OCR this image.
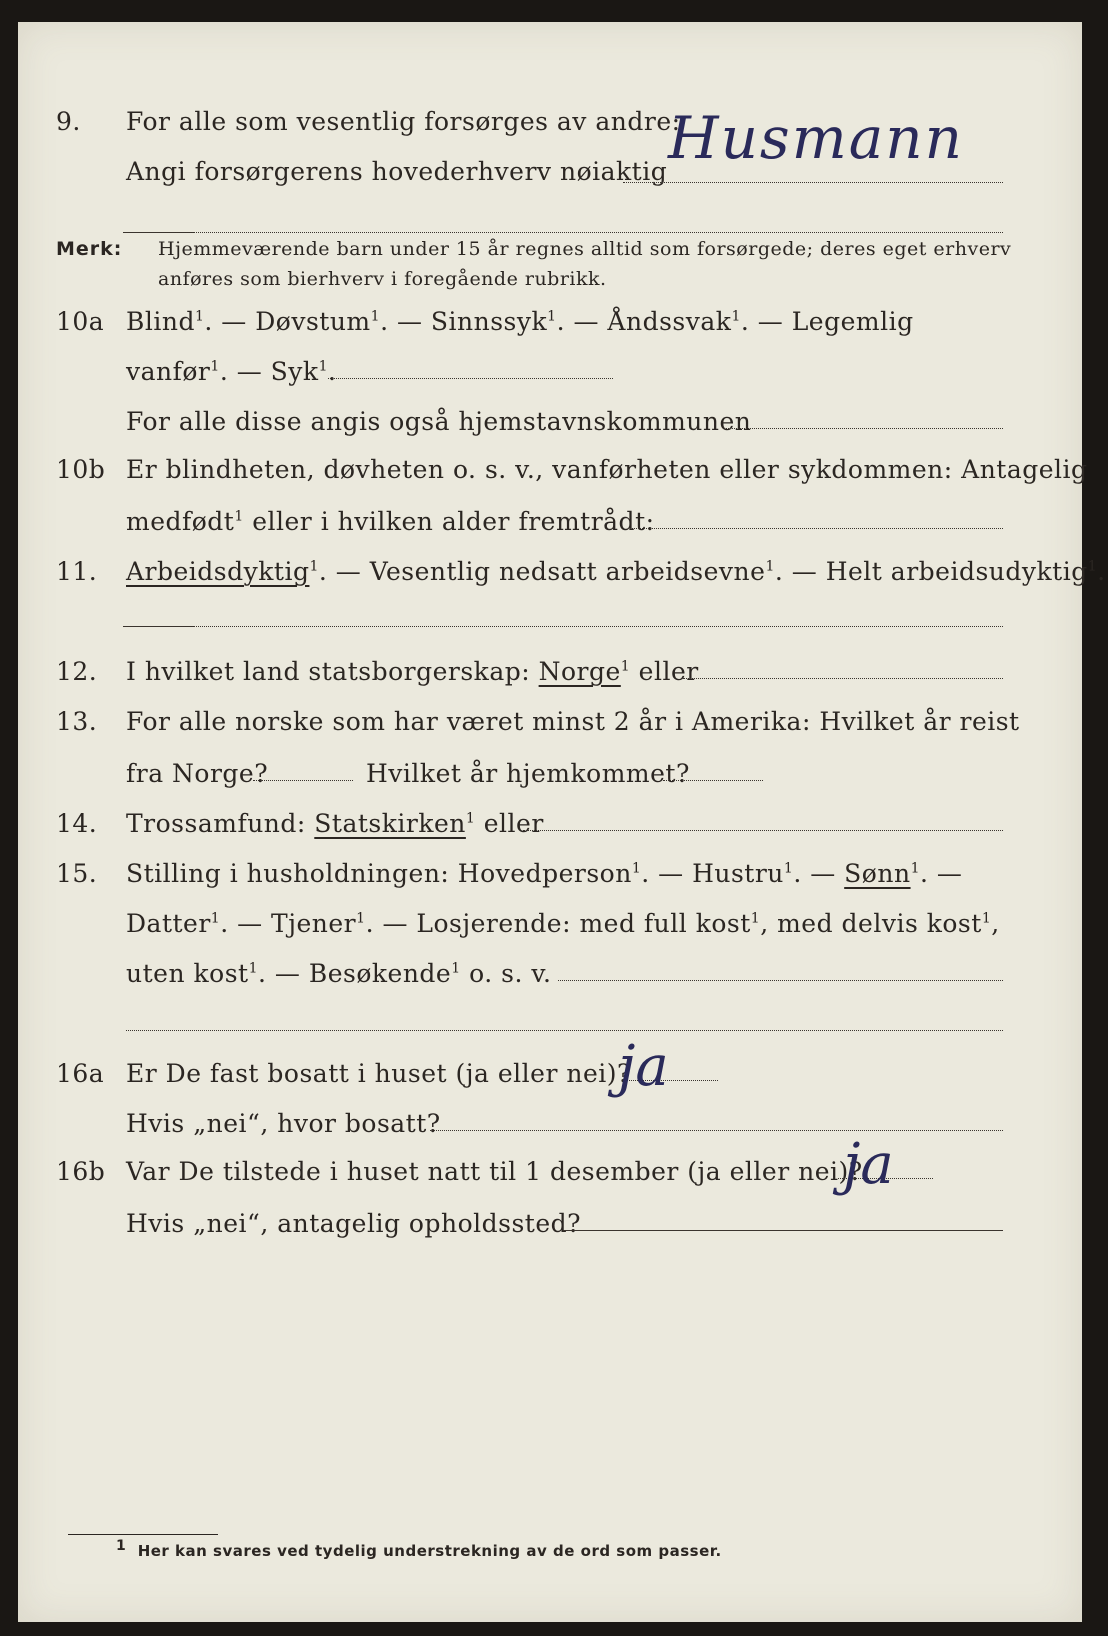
9. For alle som vesentlig forsørges av andre:
Angi forsørgerens hovederhverv nøiaktig Husmann
Merk: Hjemmeværende barn under 15 år regnes alltid som forsørgede; deres eget erhverv
anføres som bierhverv i foregående rubrikk.
10a Blind$^1$. — Døvstum$^1$. — Sinnssyk$^1$. — Åndssvak$^1$. — Legemlig
vanfør$^1$. — Syk$^1$.
For alle disse angis også hjemstavnskommunen
10b Er blindheten, døvheten o. s. v., vanførheten eller sykdommen: Antagelig
medfødt$^1$ eller i hvilken alder fremtrådt:
11. Arbeidsdyktig$^1$. — Vesentlig nedsatt arbeidsevne$^1$. — Helt arbeidsudyktig$^1$.
12. I hvilket land statsborgerskap: Norge$^1$ eller
13. For alle norske som har været minst 2 år i Amerika: Hvilket år reist
fra Norge?	Hvilket år hjemkommet?
14. Trossamfund: Statskirken$^1$ eller
15. Stilling i husholdningen: Hovedperson$^1$. — Hustru$^1$. — Sønn$^1$. —
Datter$^1$. — Tjener$^1$. — Losjerende: med full kost$^1$, med delvis kost$^1$,
uten kost$^1$. — Besøkende$^1$ o. s. v.
16a Er De fast bosatt i huset (ja eller nei)?
ja
Hvis „nei“, hvor bosatt?
16b Var De tilstede i huset natt til 1 desember (ja eller nei)?
ja
Hvis „nei“, antagelig opholdssted?
$^1$ Her kan svares ved tydelig understrekning av de ord som passer.
